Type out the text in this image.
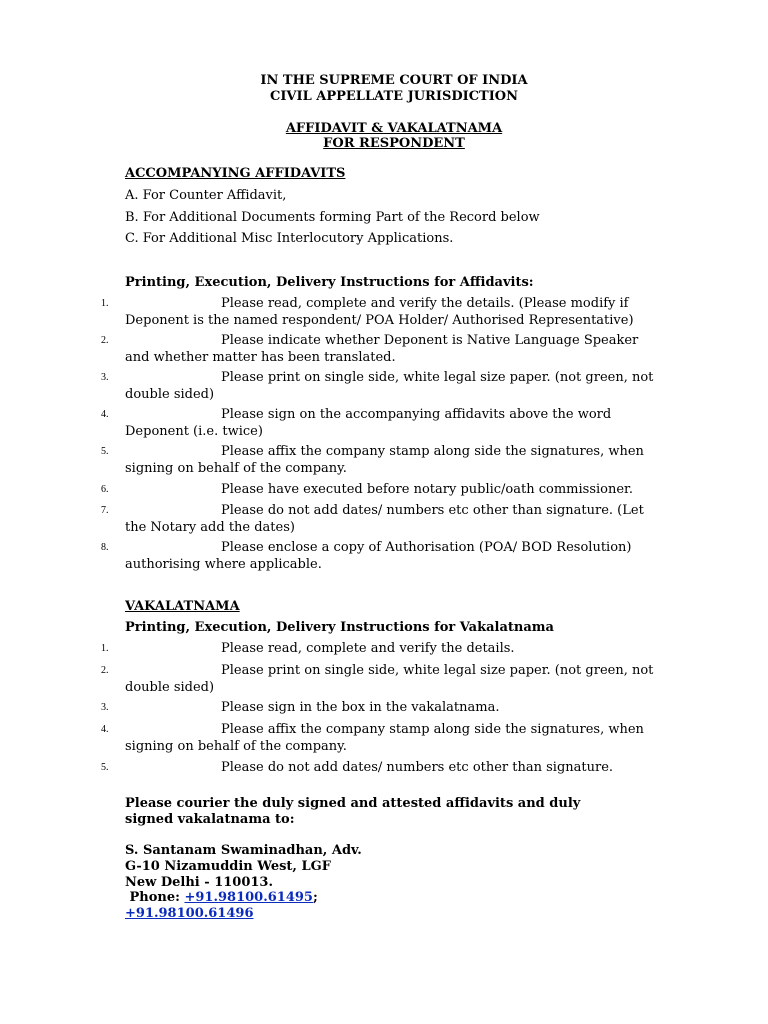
IN THE SUPREME COURT OF INDIA
CIVIL APPELLATE JURISDICTION
AFFIDAVIT & VAKALATNAMA
FOR RESPONDENT
ACCOMPANYING AFFIDAVITS
A. For Counter Affidavit,
B. For Additional Documents forming Part of the Record below
C. For Additional Misc Interlocutory Applications.
Printing, Execution, Delivery Instructions for Affidavits:
1.	Please read, complete and verify the details. (Please modify if
Deponent is the named respondent/ POA Holder/ Authorised Representative)
2.	Please indicate whether Deponent is Native Language Speaker
and whether matter has been translated.
3.	Please print on single side, white legal size paper. (not green, not
double sided)
4.	Please sign on the accompanying affidavits above the word
Deponent (i.e. twice)
5.	Please affix the company stamp along side the signatures, when
signing on behalf of the company.
6.	Please have executed before notary public/oath commissioner.
7.	Please do not add dates/ numbers etc other than signature. (Let
the Notary add the dates)
8.	Please enclose a copy of Authorisation (POA/ BOD Resolution)
authorising where applicable.
VAKALATNAMA
Printing, Execution, Delivery Instructions for Vakalatnama
1.	Please read, complete and verify the details.
2.	Please print on single side, white legal size paper. (not green, not
double sided)
3.	Please sign in the box in the vakalatnama.
4.	Please affix the company stamp along side the signatures, when
signing on behalf of the company.
5.	Please do not add dates/ numbers etc other than signature.
Please courier the duly signed and attested affidavits and duly
signed vakalatnama to:
S. Santanam Swaminadhan, Adv.
G-10 Nizamuddin West, LGF
New Delhi - 110013.
Phone: +91.98100.61495;
+91.98100.61496
